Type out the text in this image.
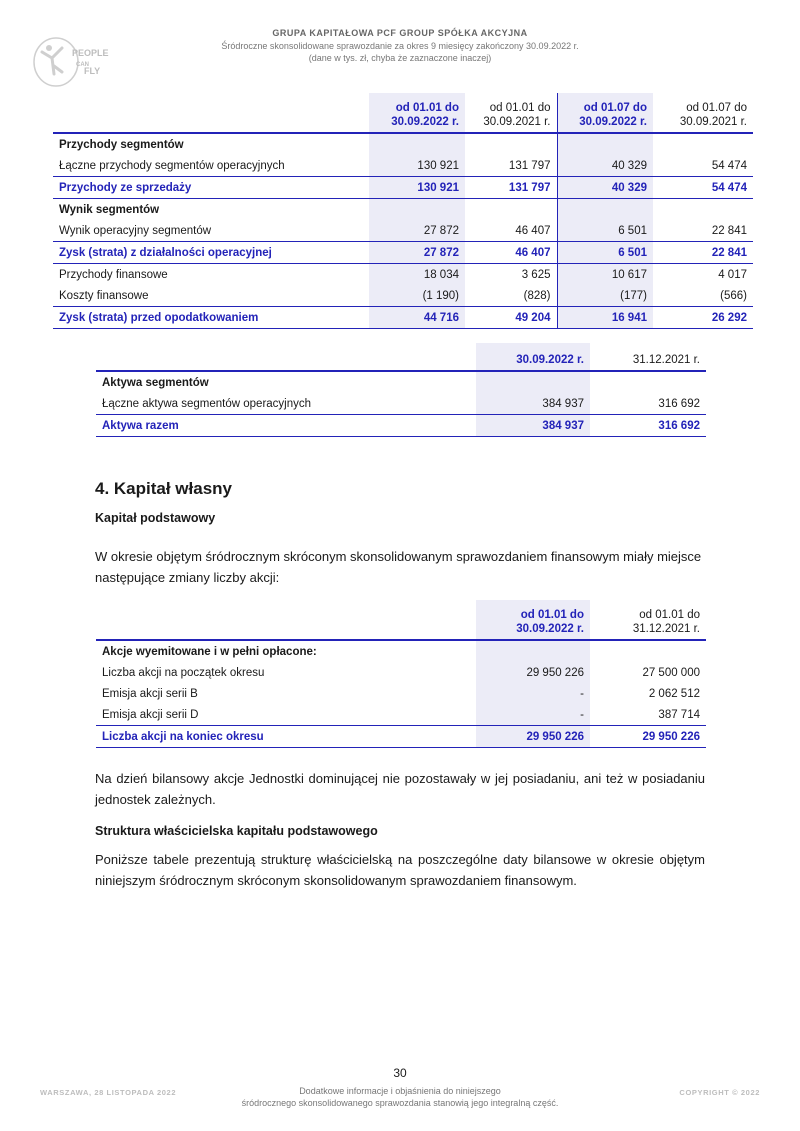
PEOPLE
CAN
FLY
GRUPA KAPITAŁOWA PCF GROUP SPÓŁKA AKCYJNA
Śródroczne skonsolidowane sprawozdanie za okres 9 miesięcy zakończony 30.09.2022 r.
(dane w tys. zł, chyba że zaznaczone inaczej)
	od 01.01 do
30.09.2022 r.	od 01.01 do
30.09.2021 r.	od 01.07 do
30.09.2022 r.	od 01.07 do
30.09.2021 r.
Przychody segmentów				
Łączne przychody segmentów operacyjnych	130 921	131 797	40 329	54 474
Przychody ze sprzedaży	130 921	131 797	40 329	54 474
Wynik segmentów				
Wynik operacyjny segmentów	27 872	46 407	6 501	22 841
Zysk (strata) z działalności operacyjnej	27 872	46 407	6 501	22 841
Przychody finansowe	18 034	3 625	10 617	4 017
Koszty finansowe	(1 190)	(828)	(177)	(566)
Zysk (strata) przed opodatkowaniem	44 716	49 204	16 941	26 292
	30.09.2022 r.	31.12.2021 r.
Aktywa segmentów		
Łączne aktywa segmentów operacyjnych	384 937	316 692
Aktywa razem	384 937	316 692
4. Kapitał własny
Kapitał podstawowy
W okresie objętym śródrocznym skróconym skonsolidowanym sprawozdaniem finansowym miały miejsce następujące zmiany liczby akcji:
	od 01.01 do
30.09.2022 r.	od 01.01 do
31.12.2021 r.
Akcje wyemitowane i w pełni opłacone:		
Liczba akcji na początek okresu	29 950 226	27 500 000
Emisja akcji serii B	-	2 062 512
Emisja akcji serii D	-	387 714
Liczba akcji na koniec okresu	29 950 226	29 950 226
Na dzień bilansowy akcje Jednostki dominującej nie pozostawały w jej posiadaniu, ani też w posiadaniu jednostek zależnych.
Struktura właścicielska kapitału podstawowego
Poniższe tabele prezentują strukturę właścicielską na poszczególne daty bilansowe w okresie objętym niniejszym śródrocznym skróconym skonsolidowanym sprawozdaniem finansowym.
30
WARSZAWA, 28 LISTOPADA 2022	Dodatkowe informacje i objaśnienia do niniejszego
śródrocznego skonsolidowanego sprawozdania stanowią jego integralną część.
COPYRIGHT © 2022
